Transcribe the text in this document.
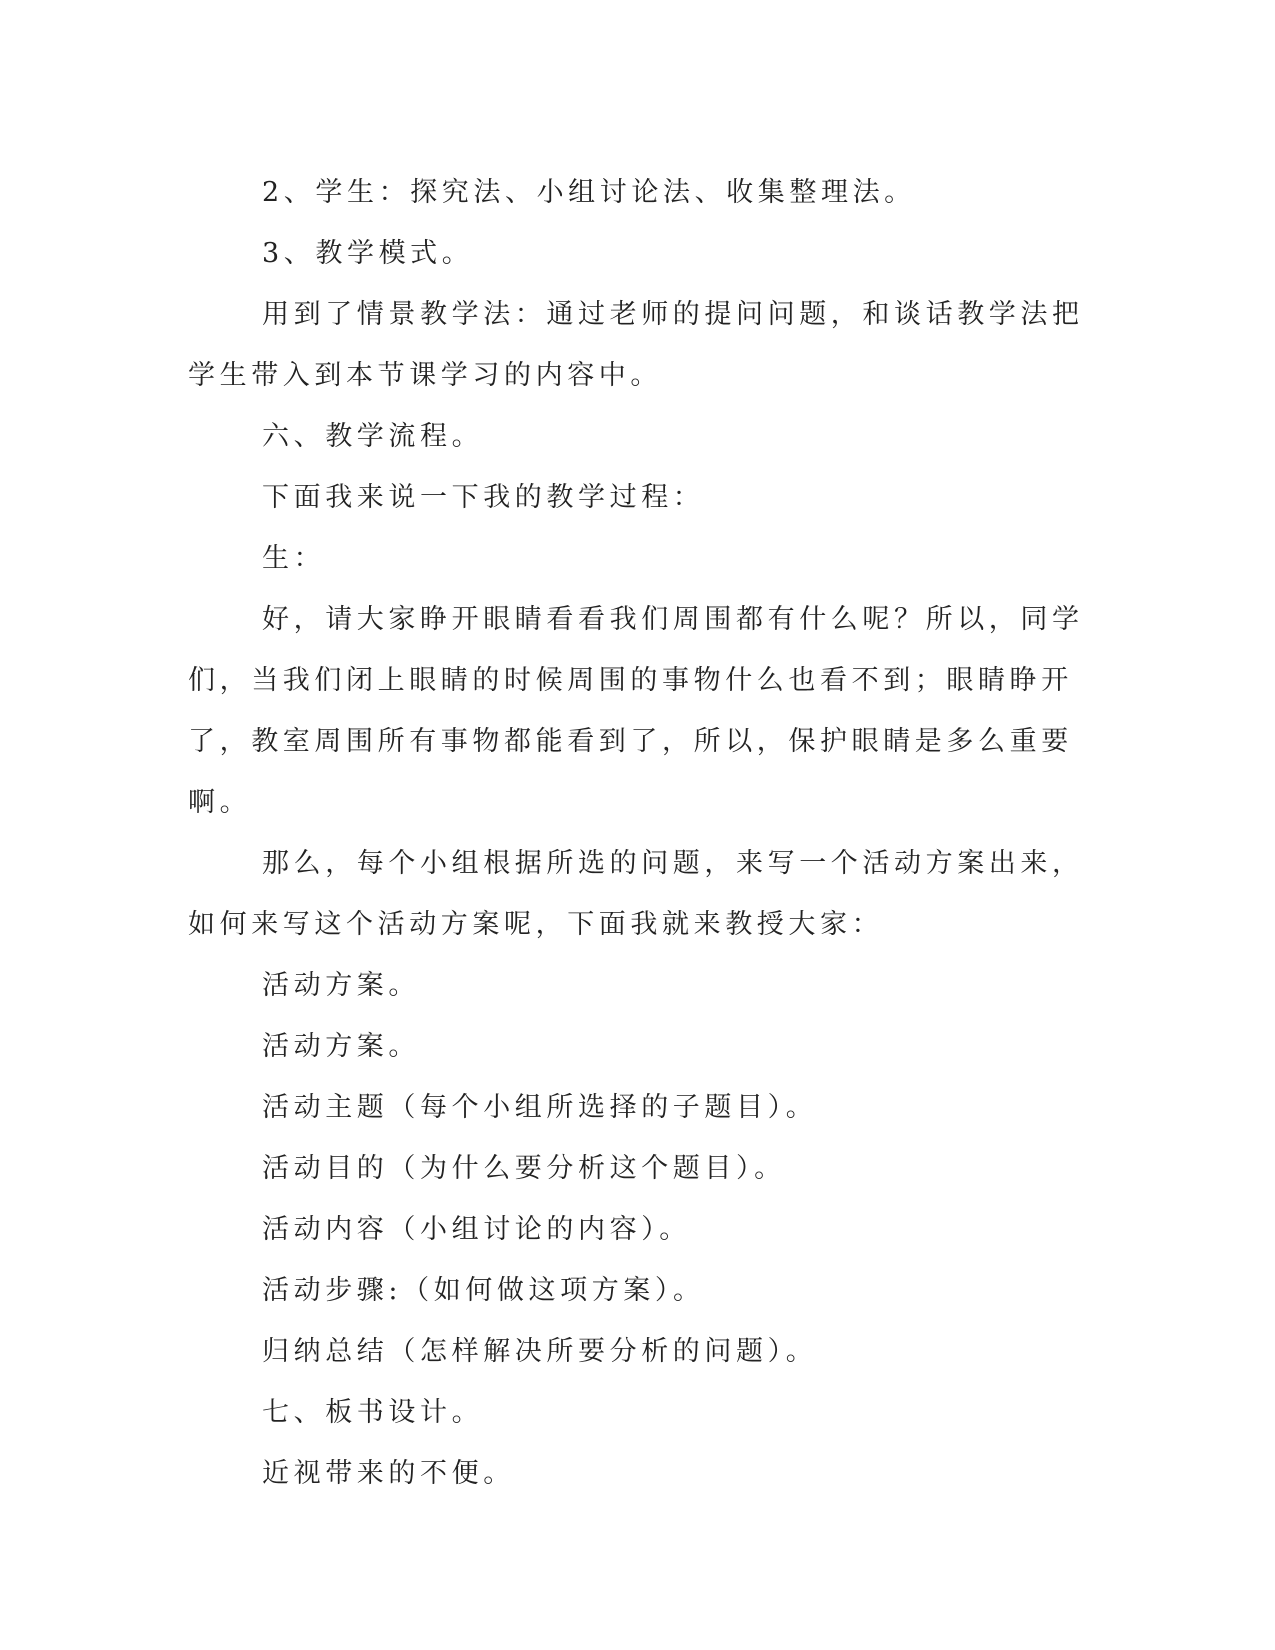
2、学生：探究法、小组讨论法、收集整理法。

3、教学模式。

用到了情景教学法：通过老师的提问问题，和谈话教学法把学生带入到本节课学习的内容中。

六、教学流程。

下面我来说一下我的教学过程：

生：

好，请大家睁开眼睛看看我们周围都有什么呢？所以，同学们，当我们闭上眼睛的时候周围的事物什么也看不到；眼睛睁开了，教室周围所有事物都能看到了，所以，保护眼睛是多么重要啊。

那么，每个小组根据所选的问题，来写一个活动方案出来，如何来写这个活动方案呢，下面我就来教授大家：

活动方案。

活动方案。

活动主题（每个小组所选择的子题目）。

活动目的（为什么要分析这个题目）。

活动内容（小组讨论的内容）。

活动步骤:（如何做这项方案）。

归纳总结（怎样解决所要分析的问题）。

七、板书设计。

近视带来的不便。
